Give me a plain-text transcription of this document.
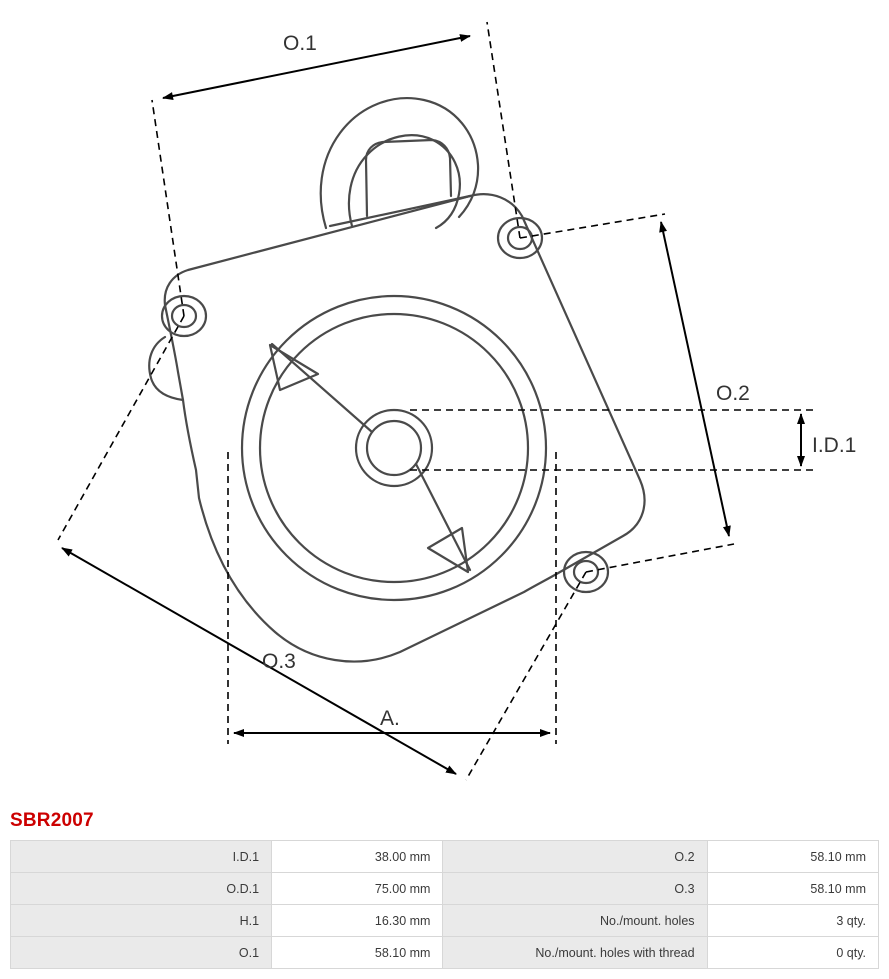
O.1
O.2
O.3
I.D.1
A.
SBR2007
I.D.1	38.00 mm	O.2	58.10 mm
O.D.1	75.00 mm	O.3	58.10 mm
H.1	16.30 mm	No./mount. holes	3 qty.
O.1	58.10 mm	No./mount. holes with thread	0 qty.
